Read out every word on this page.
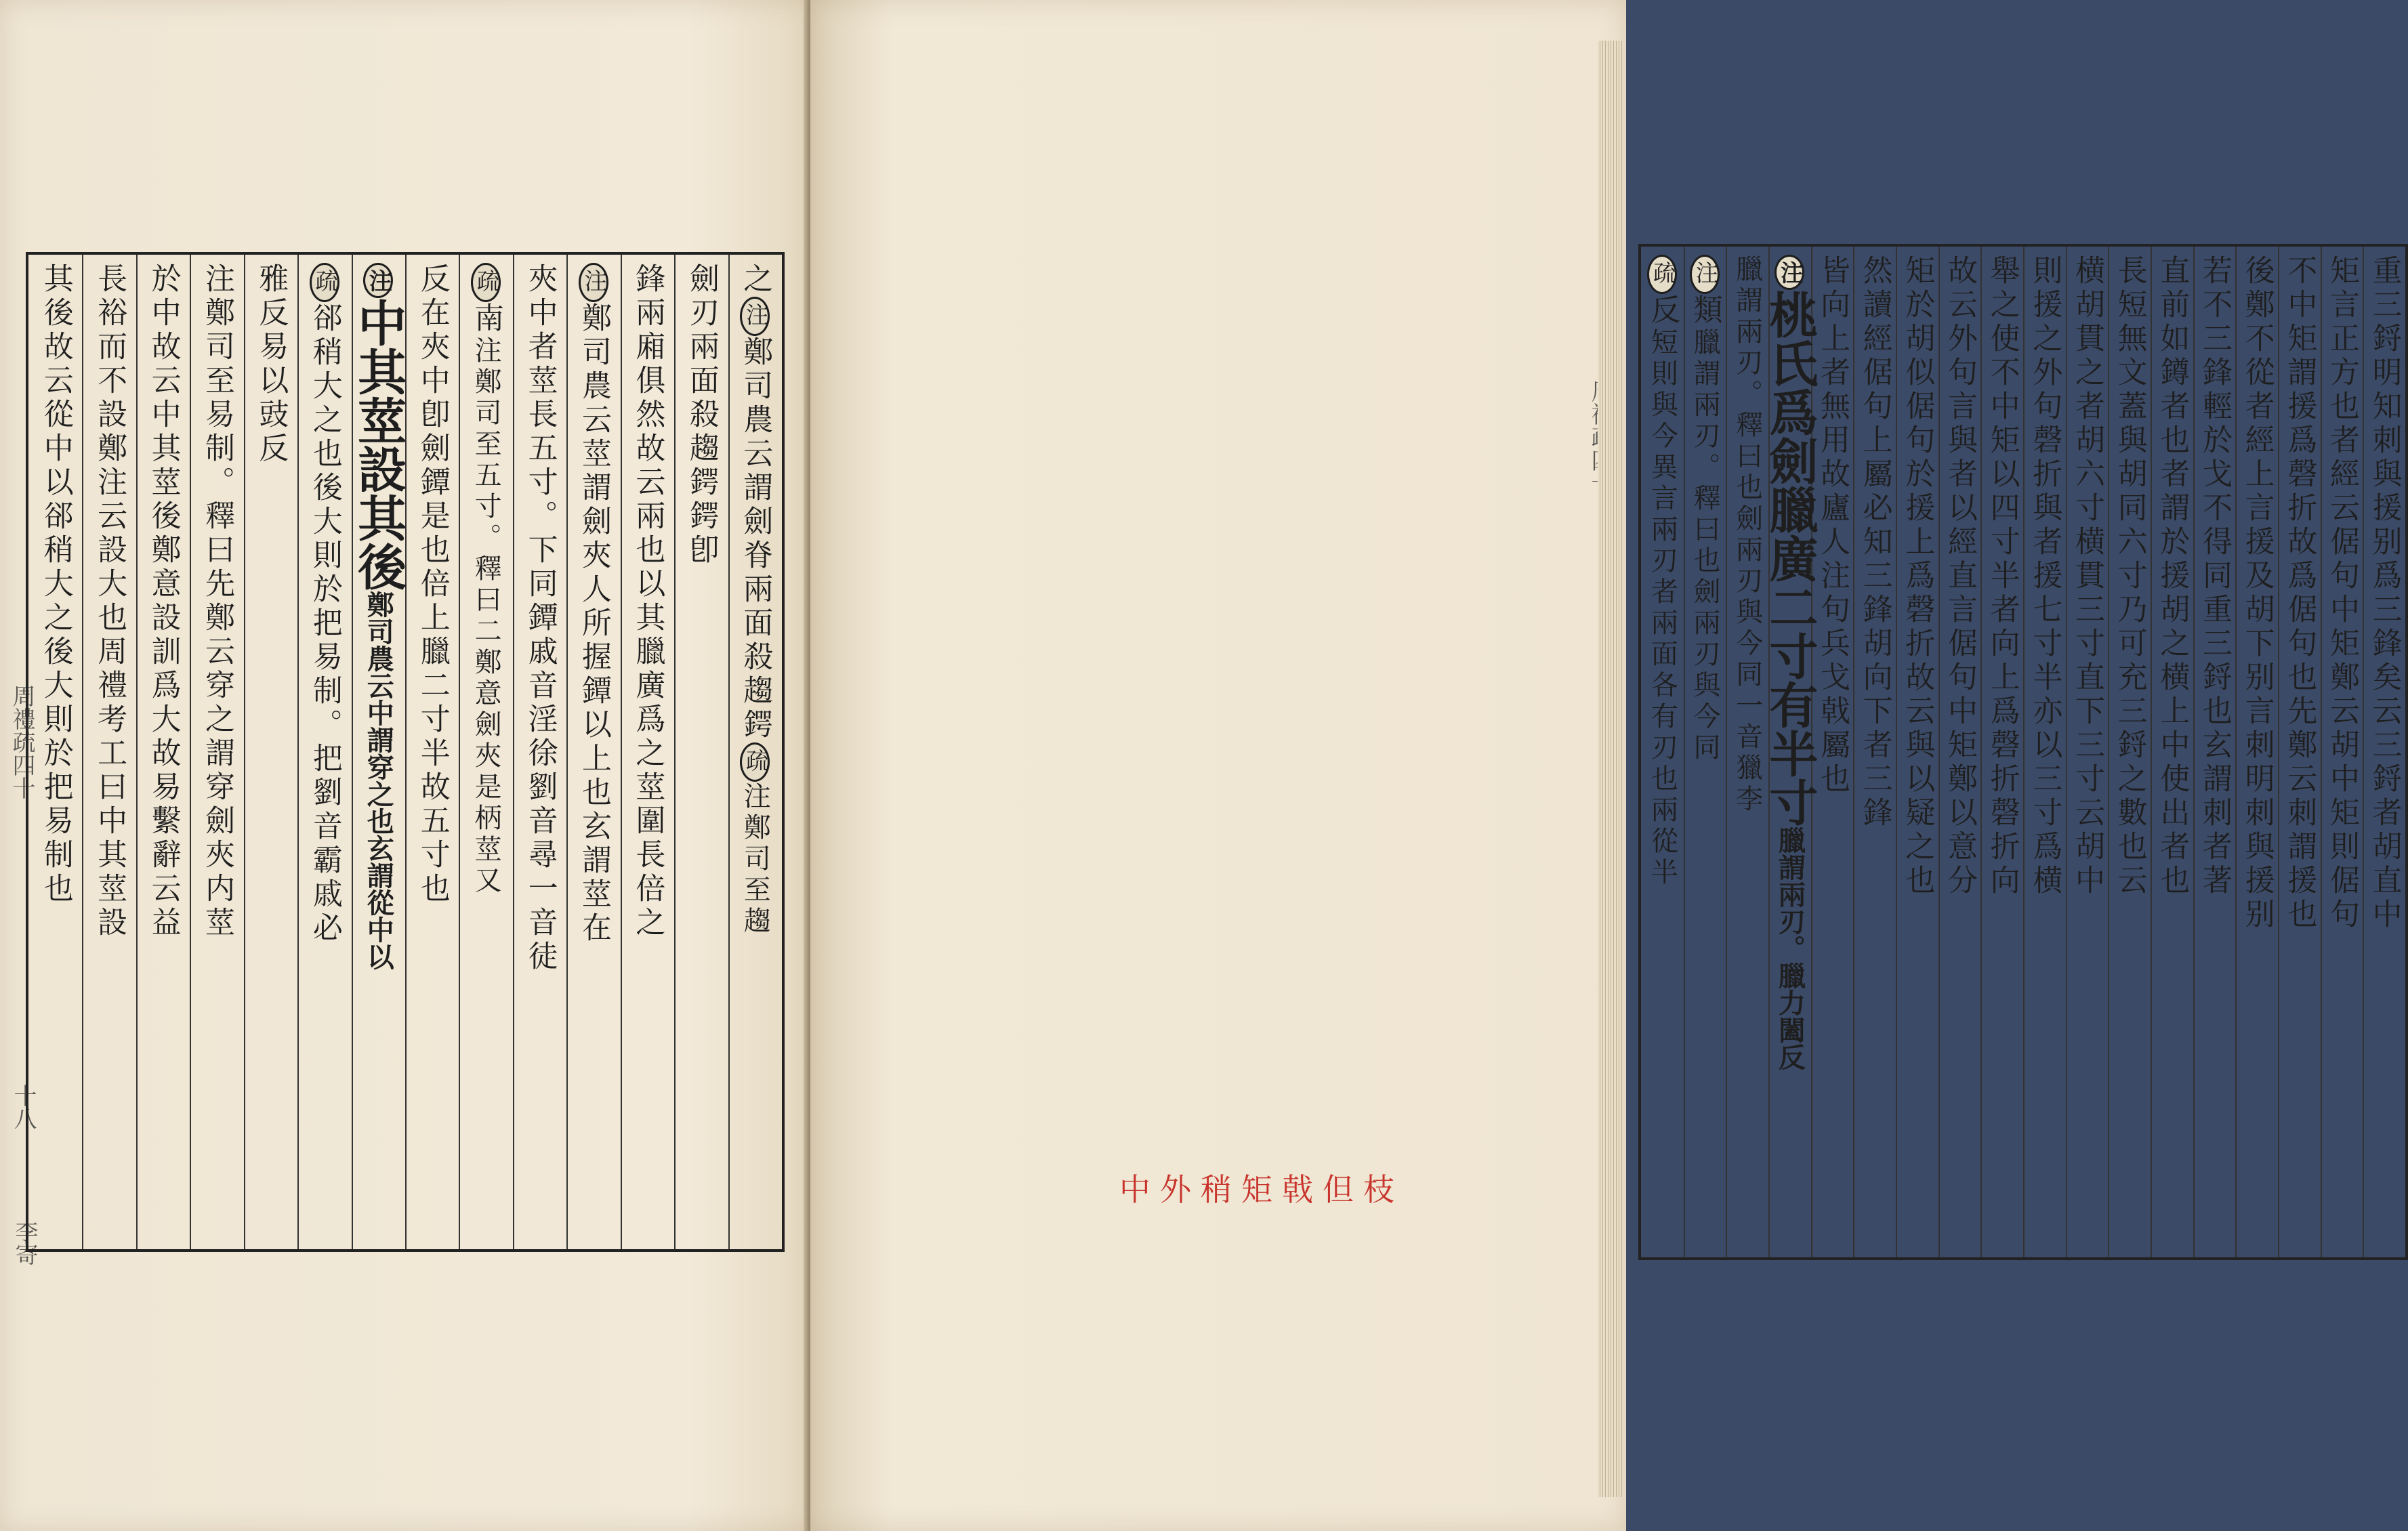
周禮疏四十
十八
李寄
之注鄭司農云謂劍脊兩面殺趨鍔疏注鄭司至趨
劍刃兩面殺趨鍔鍔卽
鋒兩廂俱然故云兩也以其臘廣爲之莖圍長倍之
注鄭司農云莖謂劍夾人所握鐔以上也玄謂莖在
夾中者莖長五寸。下同鐔戚音淫徐劉音尋一音徒
疏南注鄭司至五寸。釋曰二鄭意劍夾是柄莖又
反在夾中卽劍鐔是也倍上臘二寸半故五寸也
注中其莖設其後鄭司農云中謂穿之也玄謂從中以
疏郤稍大之也後大則於把易制。把劉音霸戚必
雅反易以豉反
注鄭司至易制。釋曰先鄭云穿之謂穿劍夾内莖
於中故云中其莖後鄭意設訓爲大故易繫辭云益
長裕而不設鄭注云設大也周禮考工曰中其莖設
其後故云從中以郤稍大之後大則於把易制也	重三鋝明知刺與援别爲三鋒矣云三鋝者胡直中
矩言正方也者經云倨句中矩鄭云胡中矩則倨句
不中矩謂援爲磬折故爲倨句也先鄭云刺謂援也
後鄭不從者經上言援及胡下别言刺明刺與援别
若不三鋒輕於戈不得同重三鋝也玄謂刺者著
直前如鐏者也者謂於援胡之横上中使出者也
長短無文蓋與胡同六寸乃可充三鋝之數也云
横胡貫之者胡六寸横貫三寸直下三寸云胡中
則援之外句磬折與者援七寸半亦以三寸爲横
舉之使不中矩以四寸半者向上爲磬折磬折向
故云外句言與者以經直言倨句中矩鄭以意分
矩於胡似倨句於援上爲磬折故云與以疑之也
然讀經倨句上屬必知三鋒胡向下者三鋒
皆向上者無用故廬人注句兵戈戟屬也
注桃氏爲劍臘廣二寸有半寸臘謂兩刃。臘力闔反
臘謂兩刃。釋曰也劍兩刃與今同一音獵李
注類臘謂兩刃。釋曰也劍兩刃與今同
疏反短則與今異言兩刃者兩面各有刃也兩從半
中外稍矩戟但枝
